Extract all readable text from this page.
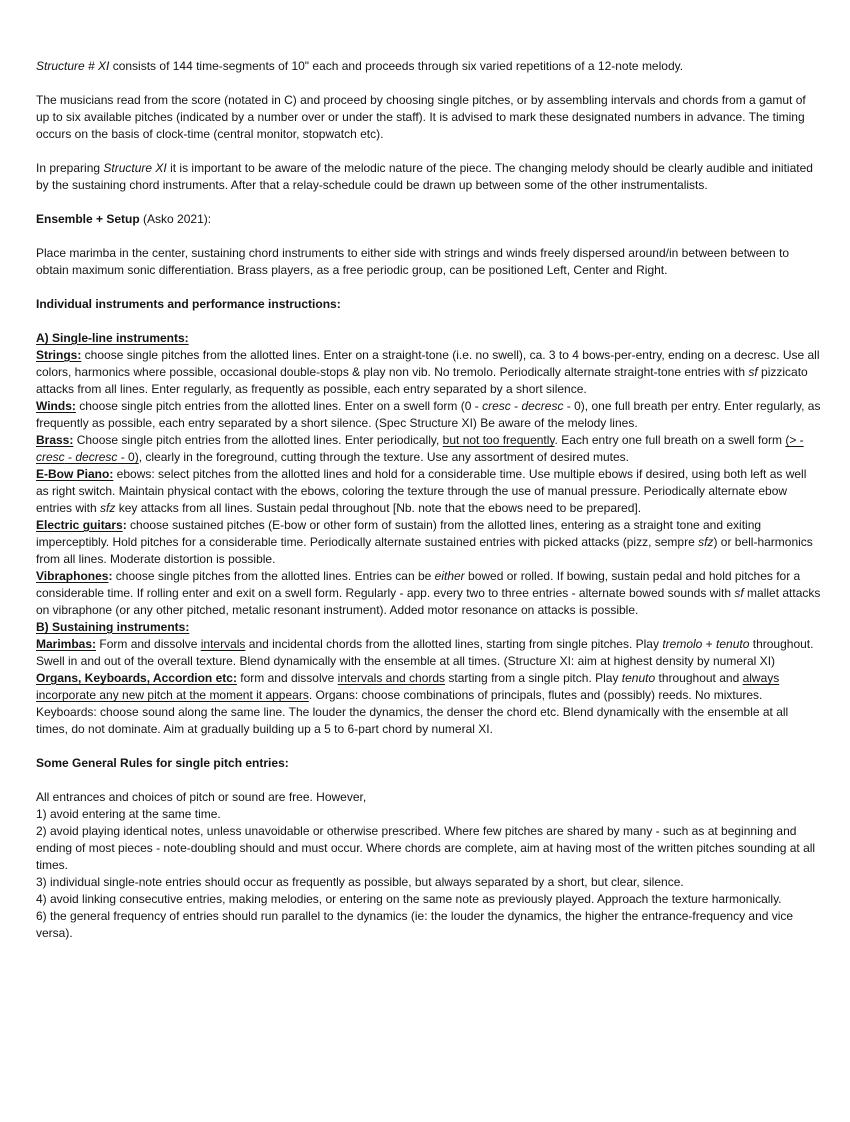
Structure # XI consists of 144 time-segments of 10" each and proceeds through six varied repetitions of a 12-note melody.

The musicians read from the score (notated in C) and proceed by choosing single pitches, or by assembling intervals and chords from a gamut of up to six available pitches (indicated by a number over or under the staff). It is advised to mark these designated numbers in advance. The timing occurs on the basis of clock-time (central monitor, stopwatch etc).

In preparing Structure XI it is important to be aware of the melodic nature of the piece. The changing melody should be clearly audible and initiated by the sustaining chord instruments. After that a relay-schedule could be drawn up between some of the other instrumentalists.

Ensemble + Setup (Asko 2021):

Place marimba in the center, sustaining chord instruments to either side with strings and winds freely dispersed around/in between between to obtain maximum sonic differentiation. Brass players, as a free periodic group, can be positioned Left, Center and Right.

Individual instruments and performance instructions:

A) Single-line instruments:

Strings: choose single pitches from the allotted lines. Enter on a straight-tone (i.e. no swell), ca. 3 to 4 bows-per-entry, ending on a decresc. Use all colors, harmonics where possible, occasional double-stops & play non vib. No tremolo. Periodically alternate straight-tone entries with sf pizzicato attacks from all lines. Enter regularly, as frequently as possible, each entry separated by a short silence.

Winds: choose single pitch entries from the allotted lines. Enter on a swell form (0 - cresc - decresc - 0), one full breath per entry. Enter regularly, as frequently as possible, each entry separated by a short silence. (Spec Structure XI) Be aware of the melody lines.

Brass: Choose single pitch entries from the allotted lines. Enter periodically, but not too frequently. Each entry one full breath on a swell form (> - cresc - decresc - 0), clearly in the foreground, cutting through the texture. Use any assortment of desired mutes.

E-Bow Piano: ebows: select pitches from the allotted lines and hold for a considerable time. Use multiple ebows if desired, using both left as well as right switch. Maintain physical contact with the ebows, coloring the texture through the use of manual pressure. Periodically alternate ebow entries with sfz key attacks from all lines. Sustain pedal throughout [Nb. note that the ebows need to be prepared].

Electric guitars: choose sustained pitches (E-bow or other form of sustain) from the allotted lines, entering as a straight tone and exiting imperceptibly. Hold pitches for a considerable time. Periodically alternate sustained entries with picked attacks (pizz, sempre sfz) or bell-harmonics from all lines. Moderate distortion is possible.

Vibraphones: choose single pitches from the allotted lines. Entries can be either bowed or rolled. If bowing, sustain pedal and hold pitches for a considerable time. If rolling enter and exit on a swell form. Regularly - app. every two to three entries - alternate bowed sounds with sf mallet attacks on vibraphone (or any other pitched, metalic resonant instrument). Added motor resonance on attacks is possible.

B) Sustaining instruments:

Marimbas: Form and dissolve intervals and incidental chords from the allotted lines, starting from single pitches. Play tremolo + tenuto throughout. Swell in and out of the overall texture. Blend dynamically with the ensemble at all times. (Structure XI: aim at highest density by numeral XI)

Organs, Keyboards, Accordion etc: form and dissolve intervals and chords starting from a single pitch. Play tenuto throughout and always incorporate any new pitch at the moment it appears. Organs: choose combinations of principals, flutes and (possibly) reeds. No mixtures. Keyboards: choose sound along the same line. The louder the dynamics, the denser the chord etc. Blend dynamically with the ensemble at all times, do not dominate. Aim at gradually building up a 5 to 6-part chord by numeral XI.

Some General Rules for single pitch entries:

All entrances and choices of pitch or sound are free. However,

1) avoid entering at the same time.

2) avoid playing identical notes, unless unavoidable or otherwise prescribed. Where few pitches are shared by many - such as at beginning and ending of most pieces - note-doubling should and must occur. Where chords are complete, aim at having most of the written pitches sounding at all times.

3) individual single-note entries should occur as frequently as possible, but always separated by a short, but clear, silence.

4) avoid linking consecutive entries, making melodies, or entering on the same note as previously played. Approach the texture harmonically.

6) the general frequency of entries should run parallel to the dynamics (ie: the louder the dynamics, the higher the entrance-frequency and vice versa).
